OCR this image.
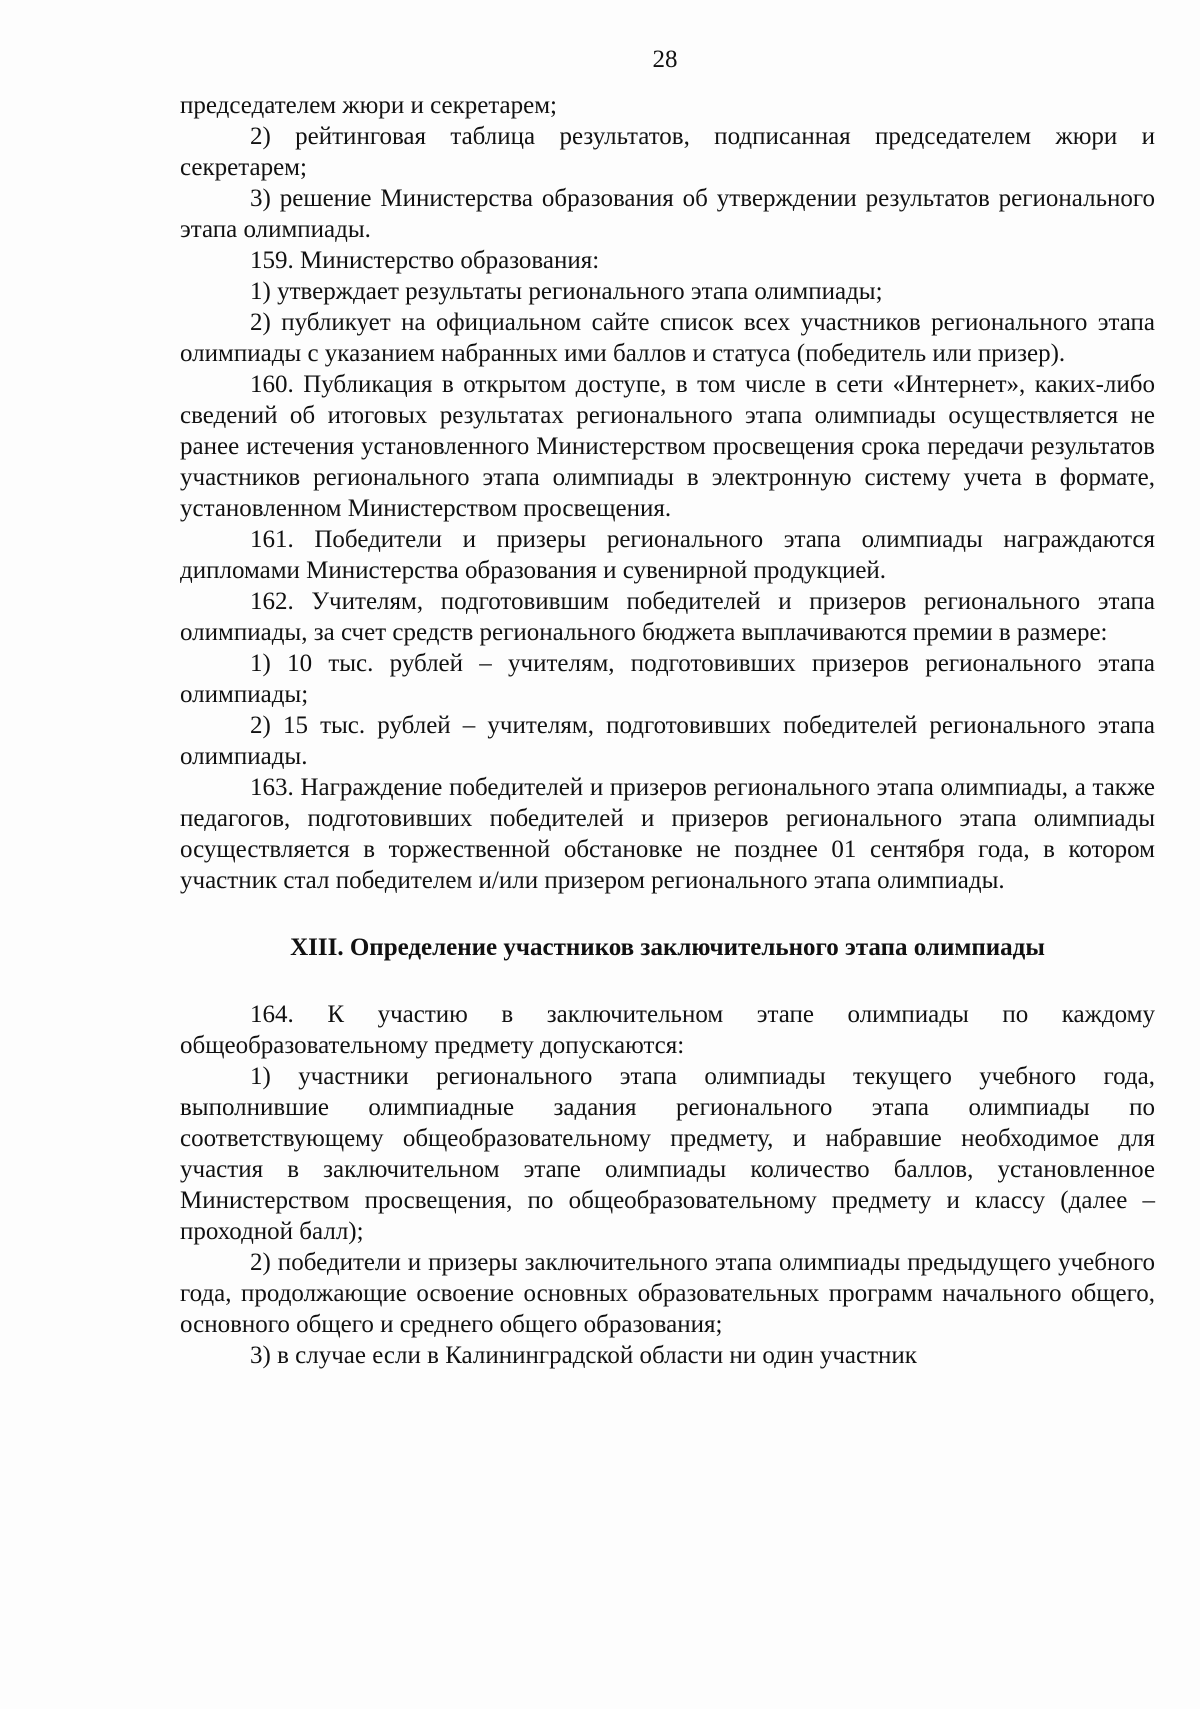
28

председателем жюри и секретарем;

2) рейтинговая таблица результатов, подписанная председателем жюри и секретарем;

3) решение Министерства образования об утверждении результатов регионального этапа олимпиады.

159. Министерство образования:

1) утверждает результаты регионального этапа олимпиады;

2) публикует на официальном сайте список всех участников регионального этапа олимпиады с указанием набранных ими баллов и статуса (победитель или призер).

160. Публикация в открытом доступе, в том числе в сети «Интернет», каких-либо сведений об итоговых результатах регионального этапа олимпиады осуществляется не ранее истечения установленного Министерством просвещения срока передачи результатов участников регионального этапа олимпиады в электронную систему учета в формате, установленном Министерством просвещения.

161. Победители и призеры регионального этапа олимпиады награждаются дипломами Министерства образования и сувенирной продукцией.

162. Учителям, подготовившим победителей и призеров регионального этапа олимпиады, за счет средств регионального бюджета выплачиваются премии в размере:

1) 10 тыс. рублей – учителям, подготовивших призеров регионального этапа олимпиады;

2) 15 тыс. рублей – учителям, подготовивших победителей регионального этапа олимпиады.

163. Награждение победителей и призеров регионального этапа олимпиады, а также педагогов, подготовивших победителей и призеров регионального этапа олимпиады осуществляется в торжественной обстановке не позднее 01 сентября года, в котором участник стал победителем и/или призером регионального этапа олимпиады.

XIII. Определение участников заключительного этапа олимпиады

164. К участию в заключительном этапе олимпиады по каждому общеобразовательному предмету допускаются:

1) участники регионального этапа олимпиады текущего учебного года, выполнившие олимпиадные задания регионального этапа олимпиады по соответствующему общеобразовательному предмету, и набравшие необходимое для участия в заключительном этапе олимпиады количество баллов, установленное Министерством просвещения, по общеобразовательному предмету и классу (далее – проходной балл);

2) победители и призеры заключительного этапа олимпиады предыдущего учебного года, продолжающие освоение основных образовательных программ начального общего, основного общего и среднего общего образования;

3) в случае если в Калининградской области ни один участник
